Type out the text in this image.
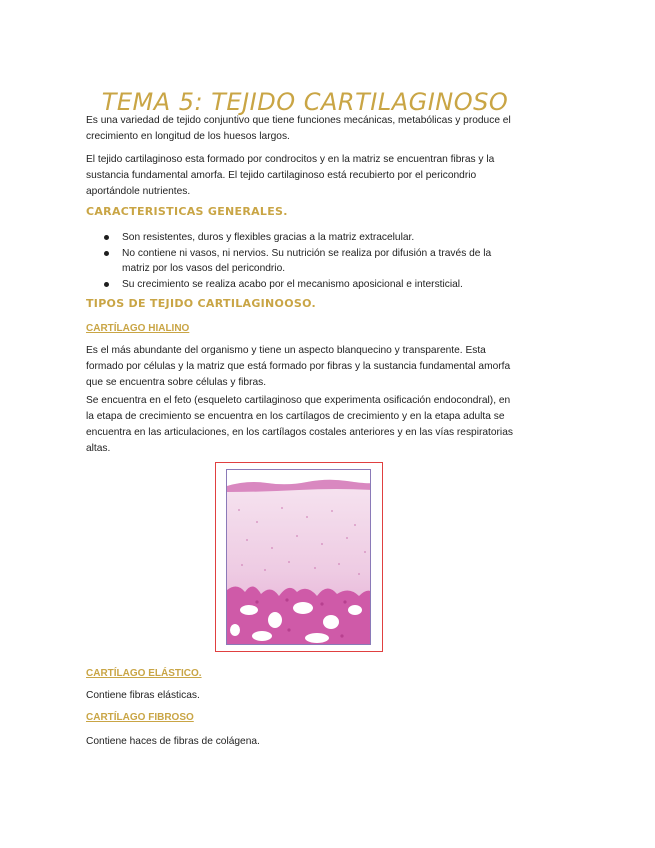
TEMA 5: TEJIDO CARTILAGINOSO

Es una variedad de tejido conjuntivo que tiene funciones mecánicas, metabólicas y produce el crecimiento en longitud de los huesos largos.

El tejido cartilaginoso esta formado por condrocitos y en la matriz se encuentran fibras y la sustancia fundamental amorfa. El tejido cartilaginoso está recubierto por el pericondrio aportándole nutrientes.

CARACTERISTICAS GENERALES.
Son resistentes, duros y flexibles gracias a la matriz extracelular.
No contiene ni vasos, ni nervios. Su nutrición se realiza por difusión a través de la matriz por los vasos del pericondrio.
Su crecimiento se realiza acabo por el mecanismo aposicional e intersticial.
TIPOS DE TEJIDO CARTILAGINOOSO.
CARTÍLAGO HIALINO

Es el más abundante del organismo y tiene un aspecto blanquecino y transparente. Esta formado por células y la matriz que está formado por fibras y la sustancia fundamental amorfa que se encuentra sobre células y fibras.

Se encuentra en el feto (esqueleto cartilaginoso que experimenta osificación endocondral), en la etapa de crecimiento se encuentra en los cartílagos de crecimiento y en la etapa adulta se encuentra en las articulaciones, en los cartílagos costales anteriores y en las vías respiratorias altas.

CARTÍLAGO ELÁSTICO.

Contiene fibras elásticas.

CARTÍLAGO FIBROSO

Contiene haces de fibras de colágena.
